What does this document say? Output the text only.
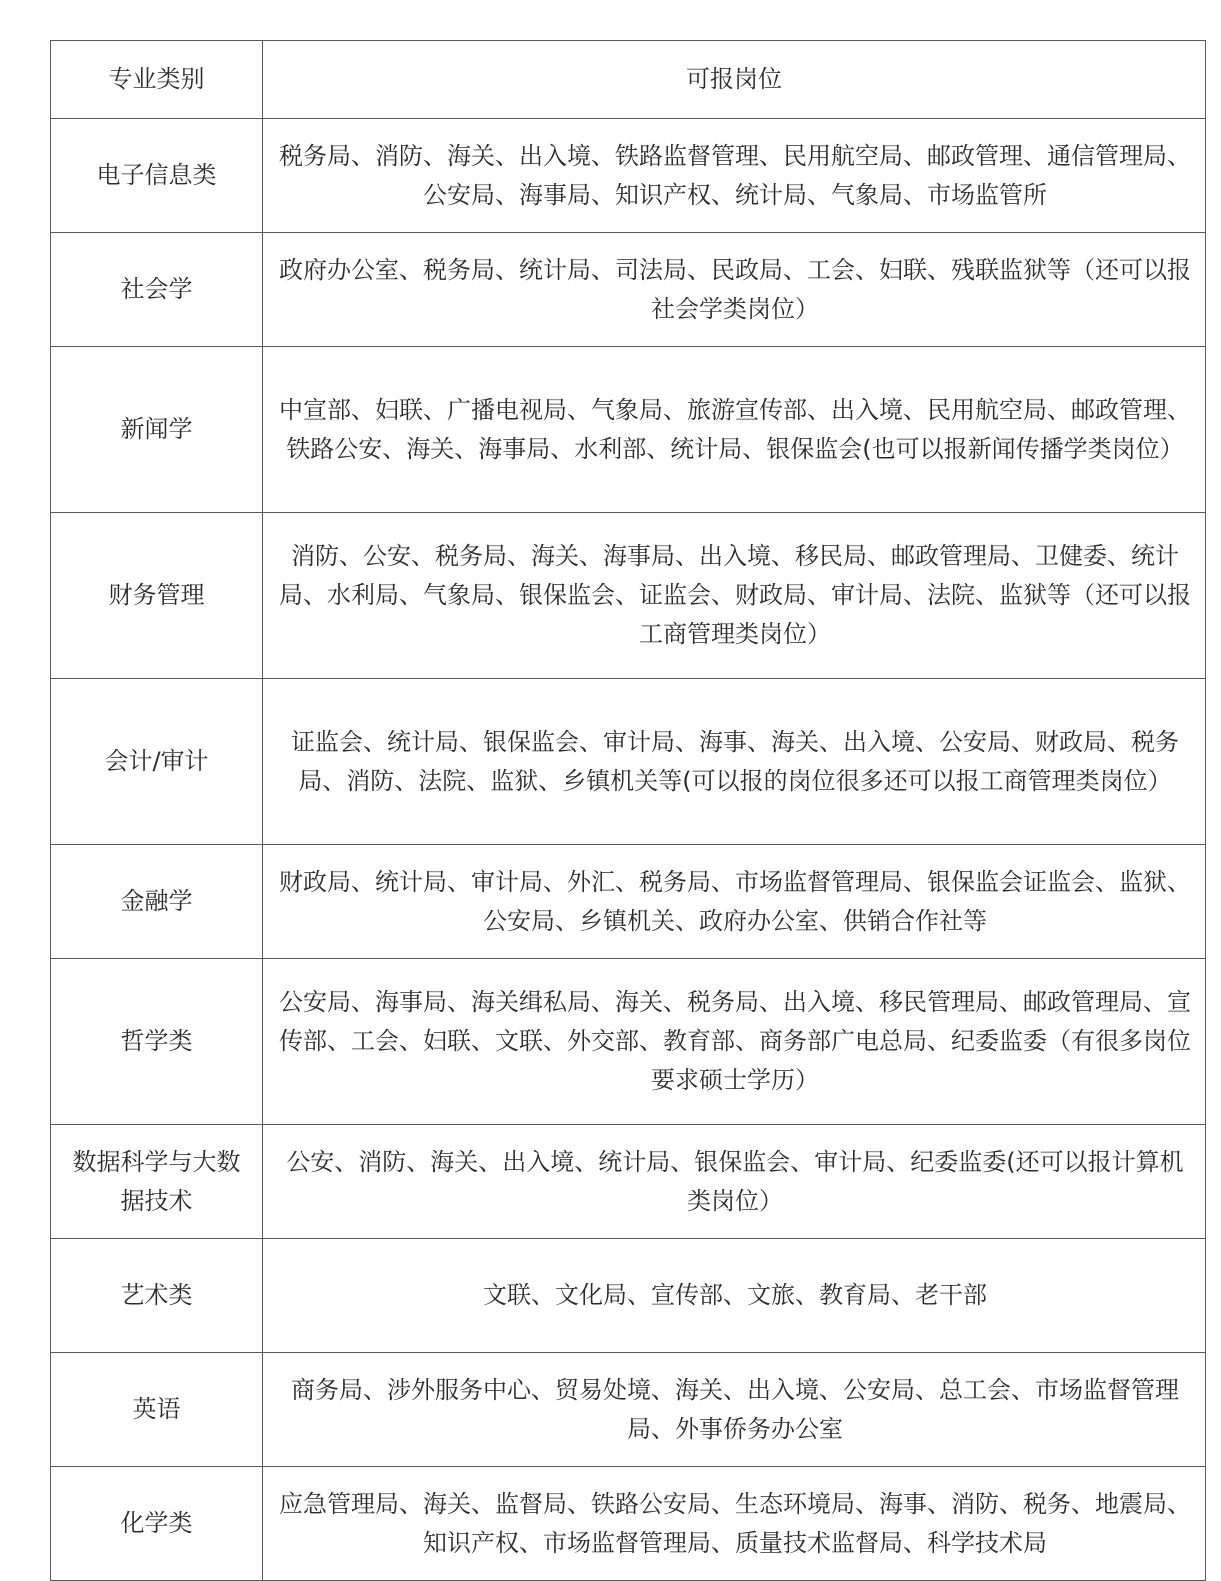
专业类别	可报岗位
电子信息类	税务局、消防、海关、出入境、铁路监督管理、民用航空局、邮政管理、通信管理局、公安局、海事局、知识产权、统计局、气象局、市场监管所
社会学	政府办公室、税务局、统计局、司法局、民政局、工会、妇联、残联监狱等（还可以报社会学类岗位）
新闻学	中宣部、妇联、广播电视局、气象局、旅游宣传部、出入境、民用航空局、邮政管理、铁路公安、海关、海事局、水利部、统计局、银保监会(也可以报新闻传播学类岗位）
财务管理	消防、公安、税务局、海关、海事局、出入境、移民局、邮政管理局、卫健委、统计局、水利局、气象局、银保监会、证监会、财政局、审计局、法院、监狱等（还可以报工商管理类岗位）
会计/审计	证监会、统计局、银保监会、审计局、海事、海关、出入境、公安局、财政局、税务局、消防、法院、监狱、乡镇机关等(可以报的岗位很多还可以报工商管理类岗位）
金融学	财政局、统计局、审计局、外汇、税务局、市场监督管理局、银保监会证监会、监狱、公安局、乡镇机关、政府办公室、供销合作社等
哲学类	公安局、海事局、海关缉私局、海关、税务局、出入境、移民管理局、邮政管理局、宣传部、工会、妇联、文联、外交部、教育部、商务部广电总局、纪委监委（有很多岗位要求硕士学历）
数据科学与大数据技术	公安、消防、海关、出入境、统计局、银保监会、审计局、纪委监委(还可以报计算机类岗位）
艺术类	文联、文化局、宣传部、文旅、教育局、老干部
英语	商务局、涉外服务中心、贸易处境、海关、出入境、公安局、总工会、市场监督管理局、外事侨务办公室
化学类	应急管理局、海关、监督局、铁路公安局、生态环境局、海事、消防、税务、地震局、知识产权、市场监督管理局、质量技术监督局、科学技术局
